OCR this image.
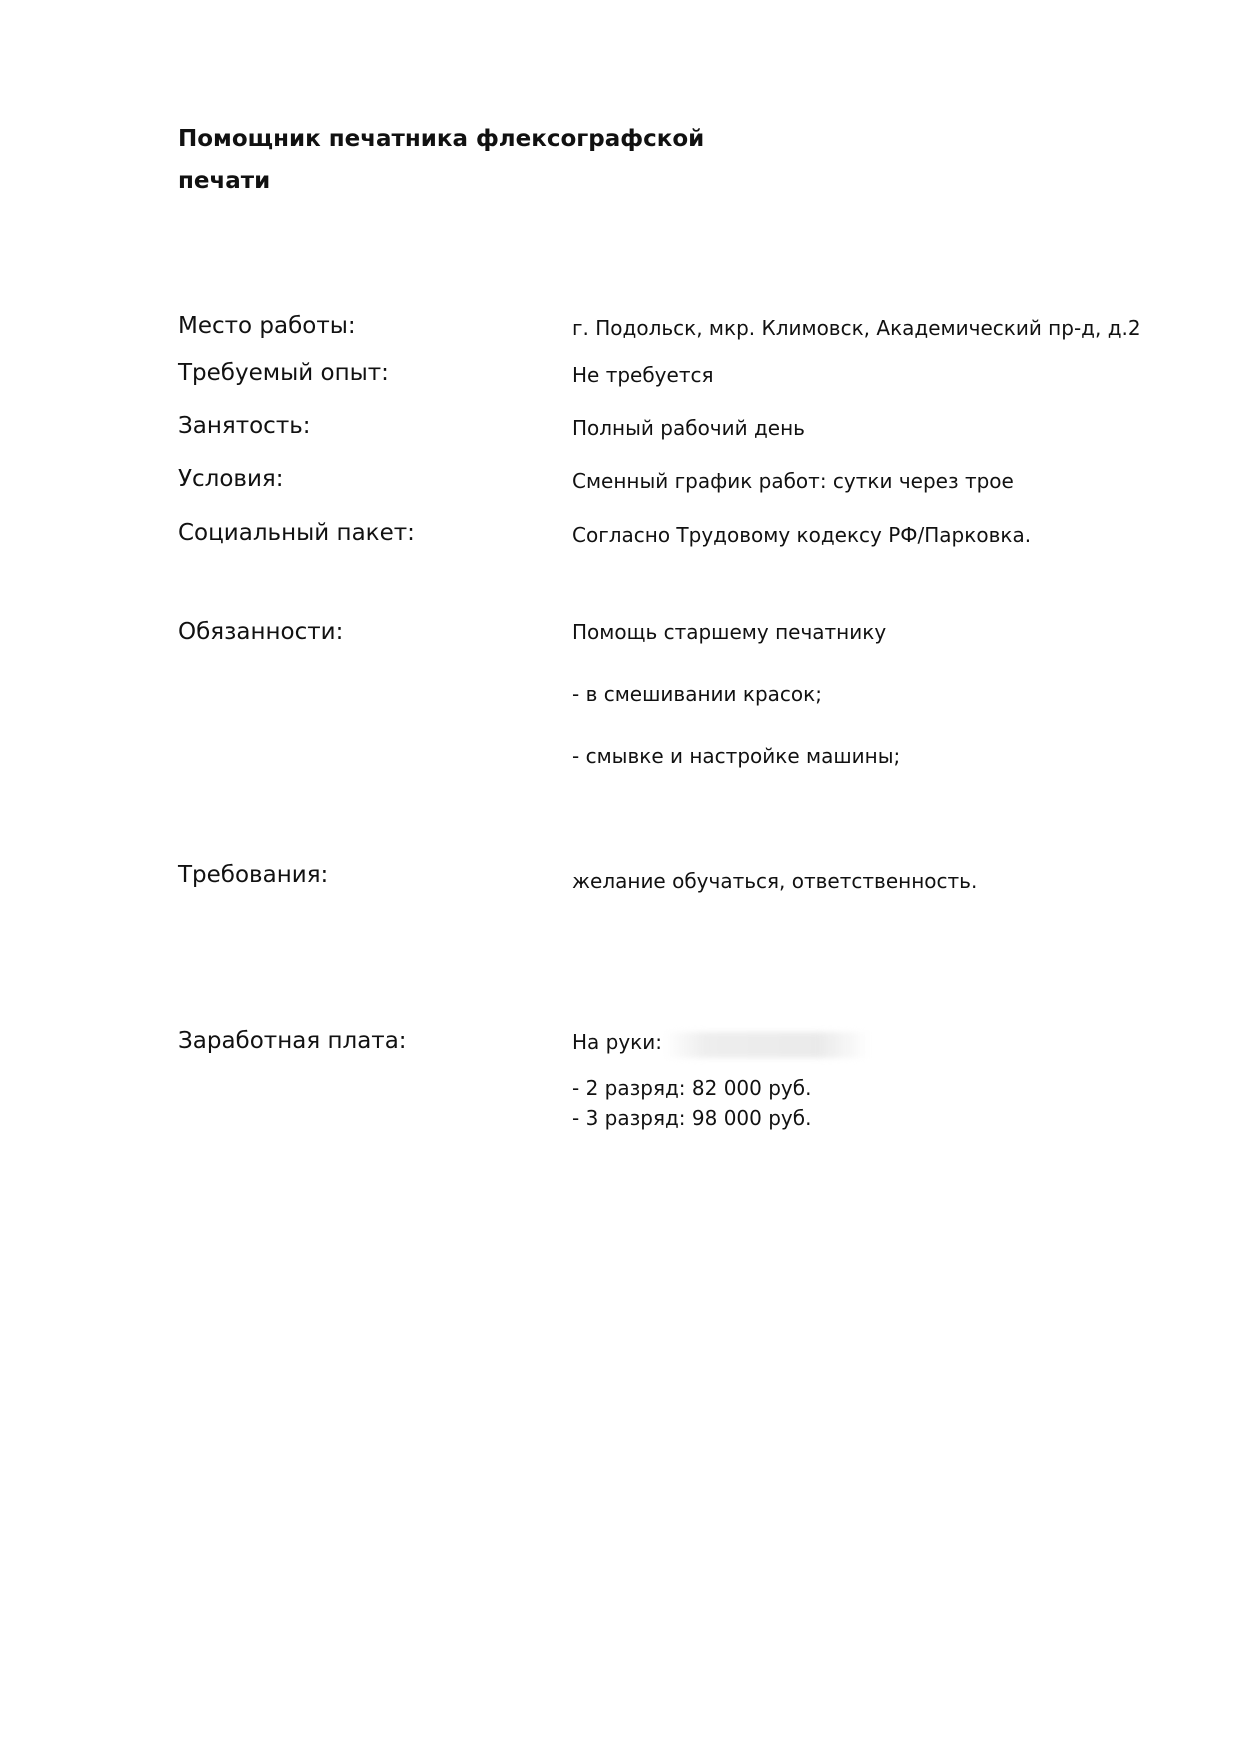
Помощник печатника флексографской
печати
Место работы:	г. Подольск, мкр. Климовск, Академический пр-д, д.2
Требуемый опыт:	Не требуется
Занятость:	Полный рабочий день
Условия:	Сменный график работ: сутки через трое
Социальный пакет:	Согласно Трудовому кодексу РФ/Парковка.
Обязанности:	Помощь старшему печатнику
- в смешивании красок;
- смывке и настройке машины;
Требования:	желание обучаться, ответственность.
Заработная плата:	На руки:
- 2 разряд: 82 000 руб.
- 3 разряд: 98 000 руб.
